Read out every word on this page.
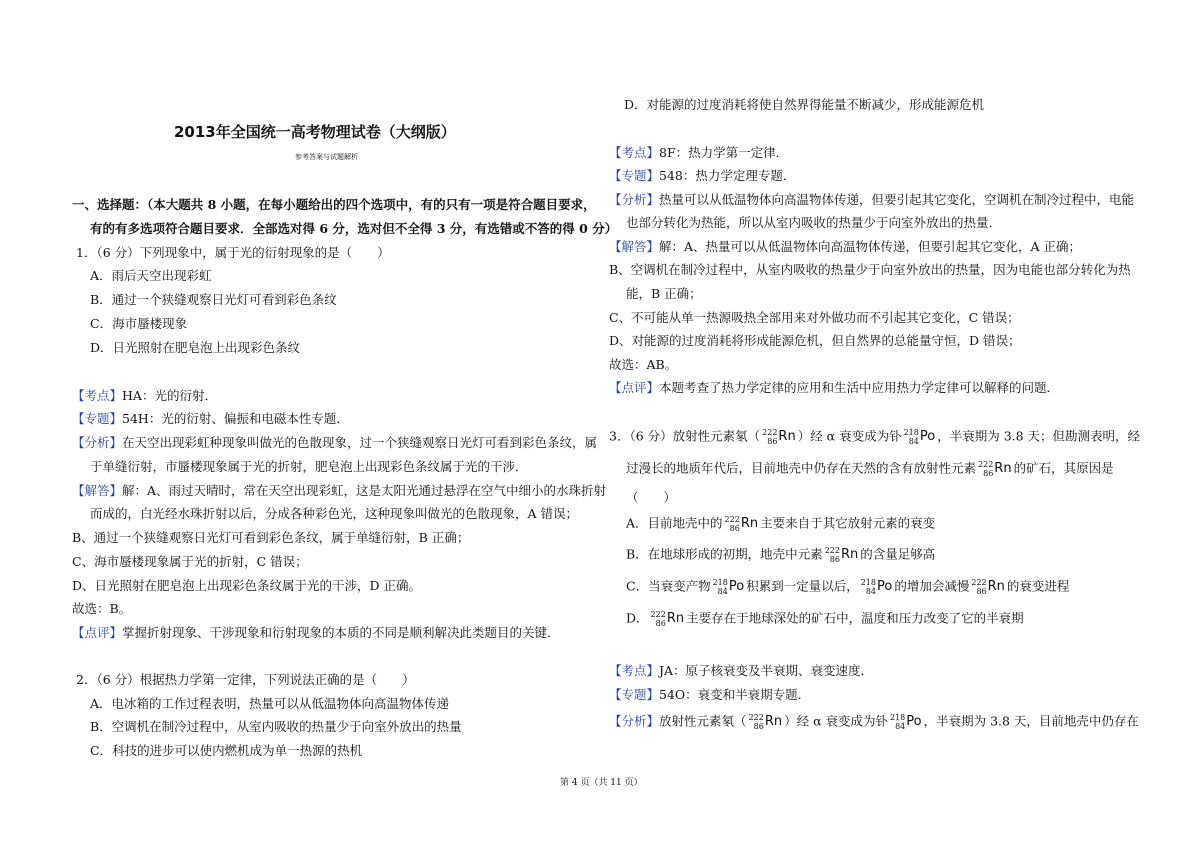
2013年全国统一高考物理试卷（大纲版）
参考答案与试题解析
一、选择题：（本大题共 8 小题，在每小题给出的四个选项中，有的只有一项是符合题目要求，
有的有多选项符合题目要求．全部选对得 6 分，选对但不全得 3 分，有选错或不答的得 0 分）
1．（6 分）下列现象中，属于光的衍射现象的是（　　）
A．雨后天空出现彩虹
B．通过一个狭缝观察日光灯可看到彩色条纹
C．海市蜃楼现象
D．日光照射在肥皂泡上出现彩色条纹
【考点】HA：光的衍射．
【专题】54H：光的衍射、偏振和电磁本性专题．
【分析】在天空出现彩虹种现象叫做光的色散现象，过一个狭缝观察日光灯可看到彩色条纹，属
于单缝衍射，市蜃楼现象属于光的折射，肥皂泡上出现彩色条纹属于光的干涉．
【解答】解：A、雨过天晴时，常在天空出现彩虹，这是太阳光通过悬浮在空气中细小的水珠折射
而成的，白光经水珠折射以后，分成各种彩色光，这种现象叫做光的色散现象，A 错误；
B、通过一个狭缝观察日光灯可看到彩色条纹，属于单缝衍射，B 正确；
C、海市蜃楼现象属于光的折射，C 错误；
D、日光照射在肥皂泡上出现彩色条纹属于光的干涉，D 正确。
故选：B。
【点评】掌握折射现象、干涉现象和衍射现象的本质的不同是顺利解决此类题目的关键．
2．（6 分）根据热力学第一定律，下列说法正确的是（　　）
A．电冰箱的工作过程表明，热量可以从低温物体向高温物体传递
B．空调机在制冷过程中，从室内吸收的热量少于向室外放出的热量
C．科技的进步可以使内燃机成为单一热源的热机
D．对能源的过度消耗将使自然界得能量不断减少，形成能源危机
【考点】8F：热力学第一定律．
【专题】548：热力学定理专题．
【分析】热量可以从低温物体向高温物体传递，但要引起其它变化，空调机在制冷过程中，电能
也部分转化为热能，所以从室内吸收的热量少于向室外放出的热量．
【解答】解：A、热量可以从低温物体向高温物体传递，但要引起其它变化，A 正确；
B、空调机在制冷过程中，从室内吸收的热量少于向室外放出的热量，因为电能也部分转化为热
能，B 正确；
C、不可能从单一热源吸热全部用来对外做功而不引起其它变化，C 错误；
D、对能源的过度消耗将形成能源危机，但自然界的总能量守恒，D 错误；
故选：AB。
【点评】本题考查了热力学定律的应用和生活中应用热力学定律可以解释的问题．
3．（6 分）放射性元素氡（ 222
86 Rn ）经 α 衰变成为钋 218
84 Po ，半衰期为 3.8 天；但勘测表明，经
过漫长的地质年代后，目前地壳中仍存在天然的含有放射性元素 222
86 Rn 的矿石，其原因是
（　　）
A．目前地壳中的 222
86 Rn 主要来自于其它放射元素的衰变
B．在地球形成的初期，地壳中元素 222
86 Rn 的含量足够高
C．当衰变产物 218
84 Po 积累到一定量以后， 218
84 Po 的增加会减慢 222
86 Rn 的衰变进程
D． 222
86 Rn 主要存在于地球深处的矿石中，温度和压力改变了它的半衰期
【考点】JA：原子核衰变及半衰期、衰变速度．
【专题】54O：衰变和半衰期专题．
【分析】放射性元素氡（ 222
86 Rn ）经 α 衰变成为钋 218
84 Po ，半衰期为 3.8 天，目前地壳中仍存在
第 4 页（共 11 页）
